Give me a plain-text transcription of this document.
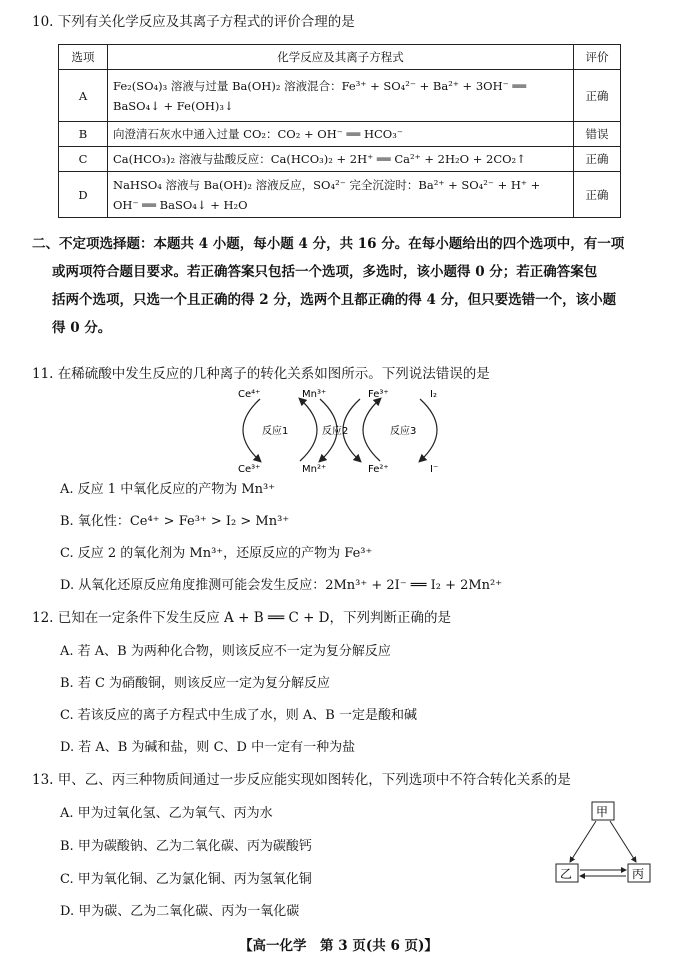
10. 下列有关化学反应及其离子方程式的评价合理的是
选项	化学反应及其离子方程式	评价
A	Fe₂(SO₄)₃ 溶液与过量 Ba(OH)₂ 溶液混合：Fe³⁺ + SO₄²⁻ + Ba²⁺ + 3OH⁻ ══
BaSO₄↓ + Fe(OH)₃↓	正确
B	向澄清石灰水中通入过量 CO₂：CO₂ + OH⁻ ══ HCO₃⁻	错误
C	Ca(HCO₃)₂ 溶液与盐酸反应：Ca(HCO₃)₂ + 2H⁺ ══ Ca²⁺ + 2H₂O + 2CO₂↑	正确
D	NaHSO₄ 溶液与 Ba(OH)₂ 溶液反应，SO₄²⁻ 完全沉淀时：Ba²⁺ + SO₄²⁻ + H⁺ +
OH⁻ ══ BaSO₄↓ + H₂O	正确
二、不定项选择题：本题共 4 小题，每小题 4 分，共 16 分。在每小题给出的四个选项中，有一项
或两项符合题目要求。若正确答案只包括一个选项，多选时，该小题得 0 分；若正确答案包
括两个选项，只选一个且正确的得 2 分，选两个且都正确的得 4 分，但只要选错一个，该小题
得 0 分。
11. 在稀硫酸中发生反应的几种离子的转化关系如图所示。下列说法错误的是
Ce⁴⁺	Mn³⁺	Fe³⁺	I₂
Ce³⁺	Mn²⁺	Fe²⁺	I⁻
反应1	反应2	反应3
A. 反应 1 中氧化反应的产物为 Mn³⁺
B. 氧化性：Ce⁴⁺ > Fe³⁺ > I₂ > Mn³⁺
C. 反应 2 的氧化剂为 Mn³⁺，还原反应的产物为 Fe³⁺
D. 从氧化还原反应角度推测可能会发生反应：2Mn³⁺ + 2I⁻ ══ I₂ + 2Mn²⁺
12. 已知在一定条件下发生反应 A + B ══ C + D，下列判断正确的是
A. 若 A、B 为两种化合物，则该反应不一定为复分解反应
B. 若 C 为硝酸铜，则该反应一定为复分解反应
C. 若该反应的离子方程式中生成了水，则 A、B 一定是酸和碱
D. 若 A、B 为碱和盐，则 C、D 中一定有一种为盐
13. 甲、乙、丙三种物质间通过一步反应能实现如图转化，下列选项中不符合转化关系的是
A. 甲为过氧化氢、乙为氧气、丙为水
B. 甲为碳酸钠、乙为二氧化碳、丙为碳酸钙
C. 甲为氧化铜、乙为氯化铜、丙为氢氧化铜
D. 甲为碳、乙为二氧化碳、丙为一氧化碳
甲
乙	丙
【高一化学　第 3 页(共 6 页)】
